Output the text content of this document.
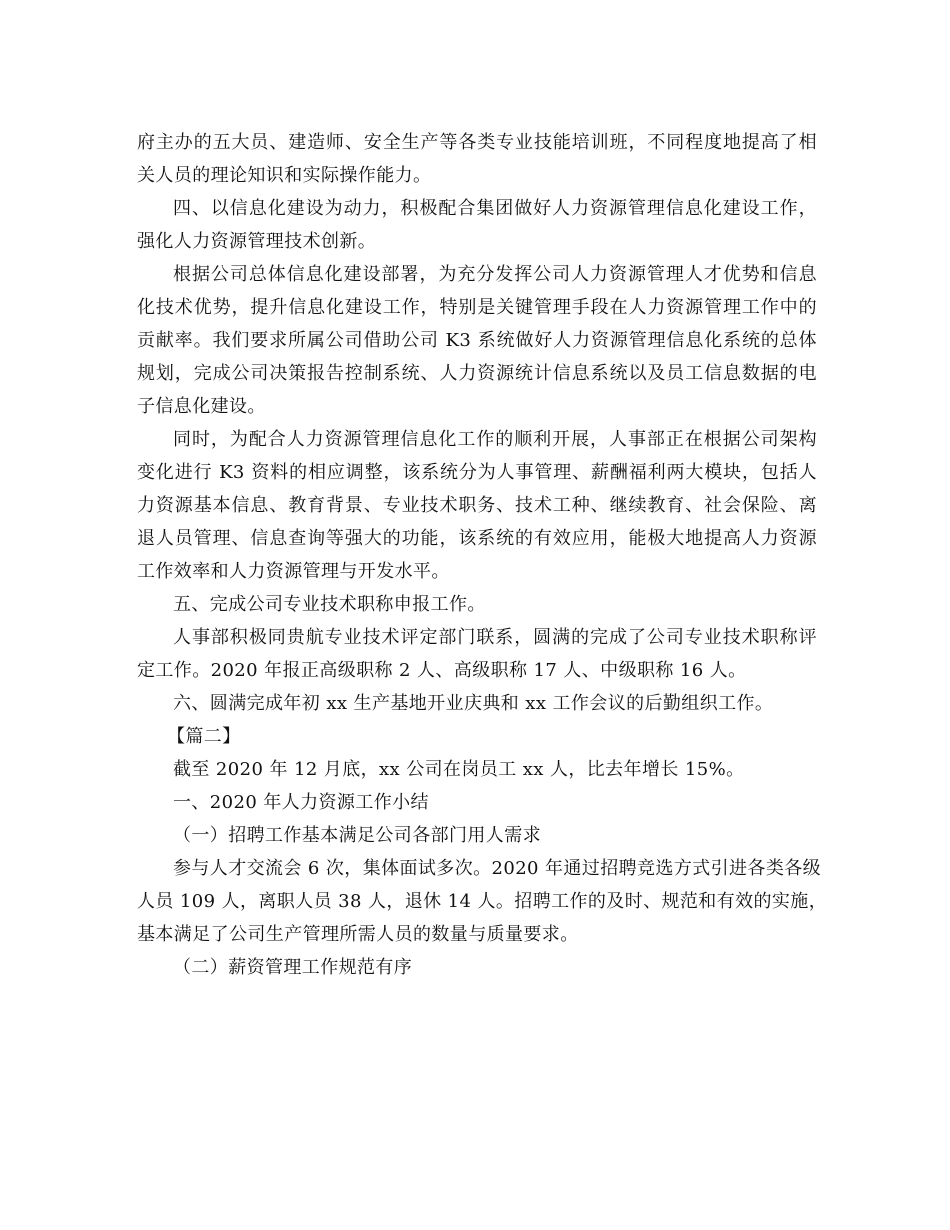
府主办的五大员、建造师、安全生产等各类专业技能培训班，不同程度地提高了相
关人员的理论知识和实际操作能力。
四、以信息化建设为动力，积极配合集团做好人力资源管理信息化建设工作，
强化人力资源管理技术创新。
根据公司总体信息化建设部署，为充分发挥公司人力资源管理人才优势和信息
化技术优势，提升信息化建设工作，特别是关键管理手段在人力资源管理工作中的
贡献率。我们要求所属公司借助公司 K3 系统做好人力资源管理信息化系统的总体
规划，完成公司决策报告控制系统、人力资源统计信息系统以及员工信息数据的电
子信息化建设。
同时，为配合人力资源管理信息化工作的顺利开展，人事部正在根据公司架构
变化进行 K3 资料的相应调整，该系统分为人事管理、薪酬福利两大模块，包括人
力资源基本信息、教育背景、专业技术职务、技术工种、继续教育、社会保险、离
退人员管理、信息查询等强大的功能，该系统的有效应用，能极大地提高人力资源
工作效率和人力资源管理与开发水平。
五、完成公司专业技术职称申报工作。
人事部积极同贵航专业技术评定部门联系，圆满的完成了公司专业技术职称评
定工作。2020 年报正高级职称 2 人、高级职称 17 人、中级职称 16 人。
六、圆满完成年初 xx 生产基地开业庆典和 xx 工作会议的后勤组织工作。
【篇二】
截至 2020 年 12 月底，xx 公司在岗员工 xx 人，比去年增长 15%。
一、2020 年人力资源工作小结
（一）招聘工作基本满足公司各部门用人需求
参与人才交流会 6 次，集体面试多次。2020 年通过招聘竞选方式引进各类各级
人员 109 人，离职人员 38 人，退休 14 人。招聘工作的及时、规范和有效的实施，
基本满足了公司生产管理所需人员的数量与质量要求。
（二）薪资管理工作规范有序
